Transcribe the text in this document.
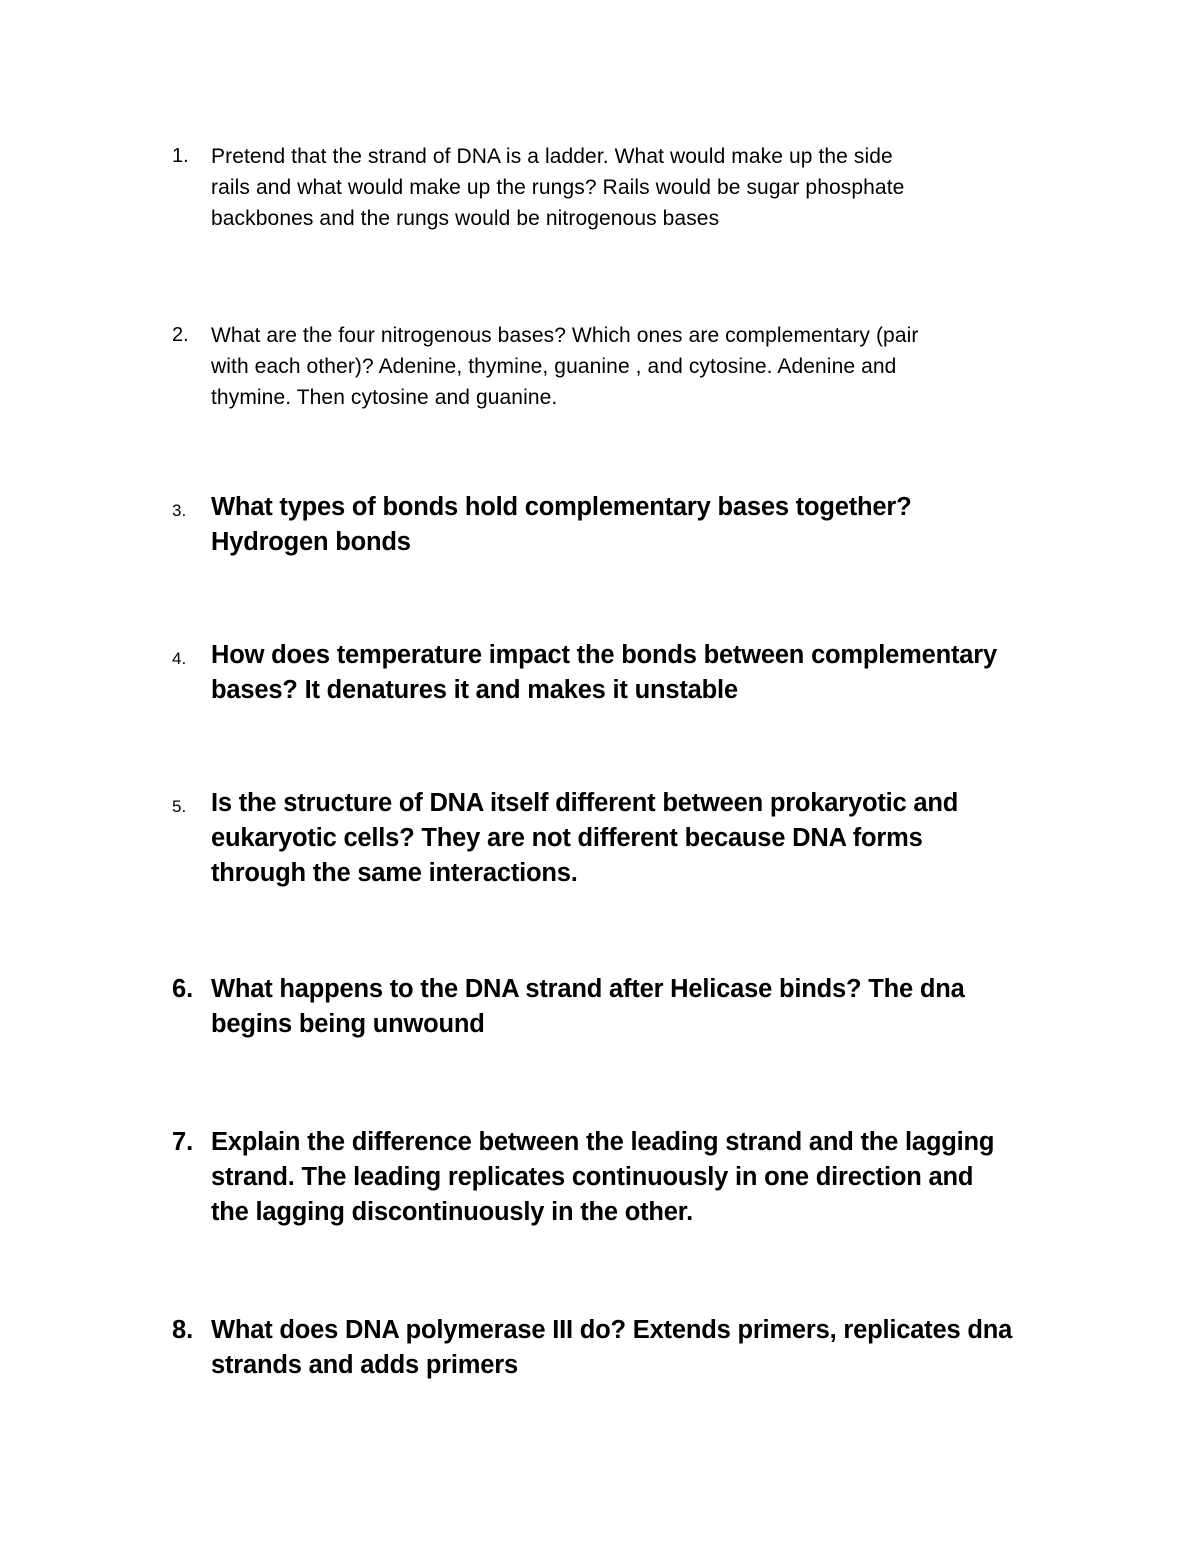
1.	Pretend that the strand of DNA is a ladder. What would make up the side
rails and what would make up the rungs? Rails would be sugar phosphate
backbones and the rungs would be nitrogenous bases
2.	What are the four nitrogenous bases? Which ones are complementary (pair
with each other)? Adenine, thymine, guanine , and cytosine. Adenine and
thymine. Then cytosine and guanine.
3. What types of bonds hold complementary bases together?
Hydrogen bonds
4. How does temperature impact the bonds between complementary
bases? It denatures it and makes it unstable
5. Is the structure of DNA itself different between prokaryotic and
eukaryotic cells? They are not different because DNA forms
through the same interactions.
6. What happens to the DNA strand after Helicase binds? The dna
begins being unwound
7. Explain the difference between the leading strand and the lagging
strand. The leading replicates continuously in one direction and
the lagging discontinuously in the other.
8. What does DNA polymerase III do? Extends primers, replicates dna
strands and adds primers
